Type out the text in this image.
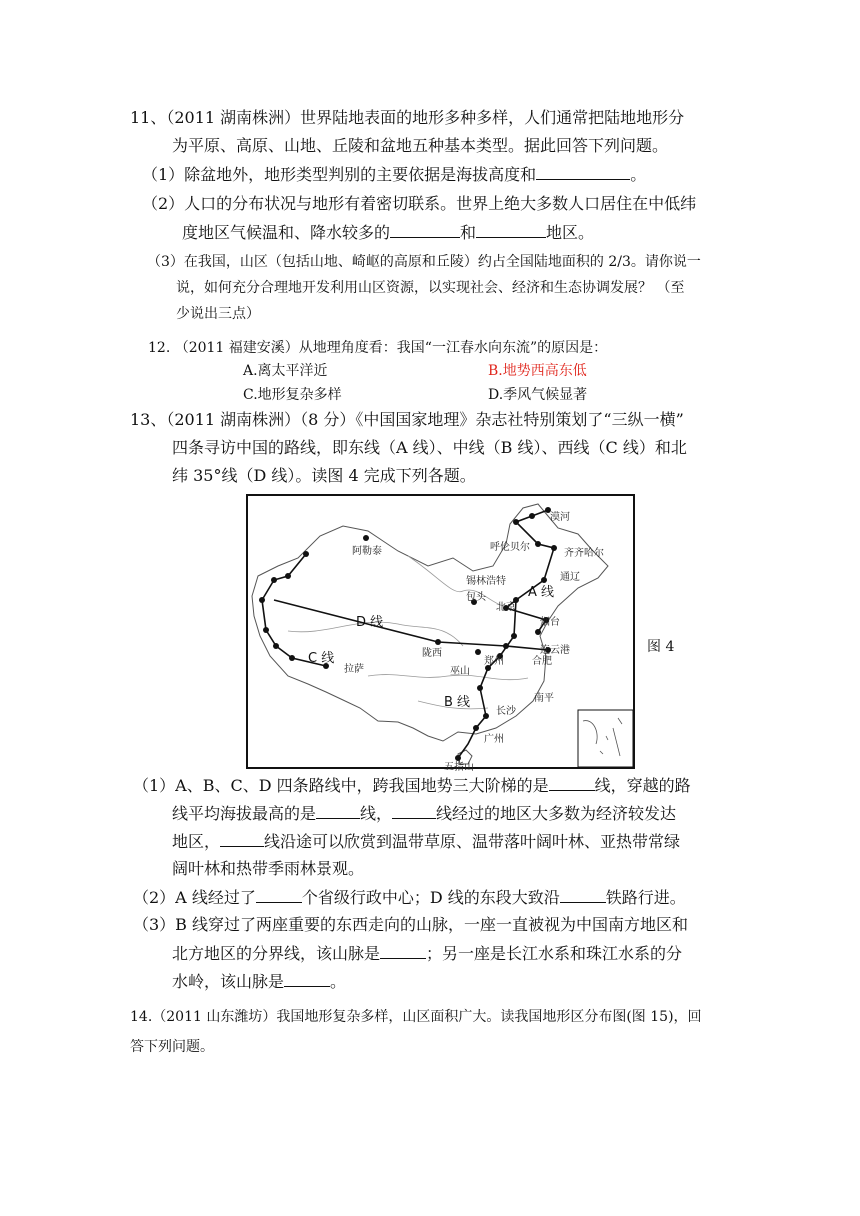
11、（2011 湖南株洲）世界陆地表面的地形多种多样，人们通常把陆地地形分
为平原、高原、山地、丘陵和盆地五种基本类型。据此回答下列问题。
（1）除盆地外，地形类型判别的主要依据是海拔高度和	。
（2）人口的分布状况与地形有着密切联系。世界上绝大多数人口居住在中低纬
度地区气候温和、降水较多的	和	地区。
（3）在我国，山区（包括山地、崎岖的高原和丘陵）约占全国陆地面积的 2/3。请你说一
说，如何充分合理地开发利用山区资源，以实现社会、经济和生态协调发展？ （至
少说出三点）
12. （2011 福建安溪）从地理角度看：我国“一江春水向东流”的原因是：
A.离太平洋近	B.地势西高东低
C.地形复杂多样	D.季风气候显著
13、（2011 湖南株洲）（8 分）《中国国家地理》杂志社特别策划了“三纵一横”
四条寻访中国的路线，即东线（A 线）、中线（B 线）、西线（C 线）和北
纬 35°线（D 线）。读图 4 完成下列各题。
漠河
呼伦贝尔
齐齐哈尔
通辽
锡林浩特
包头
北京
烟台
连云港
郑州	合肥
陇西
巫山
南平
长沙
广州
五指山
阿勒泰
拉萨
A 线
B 线
C 线
D 线
图 4
（1）A、B、C、D 四条路线中，跨我国地势三大阶梯的是	线，穿越的路
线平均海拔最高的是	线，	线经过的地区大多数为经济较发达
地区，	线沿途可以欣赏到温带草原、温带落叶阔叶林、亚热带常绿
阔叶林和热带季雨林景观。
（2）A 线经过了	个省级行政中心；D 线的东段大致沿	铁路行进。
（3）B 线穿过了两座重要的东西走向的山脉，一座一直被视为中国南方地区和
北方地区的分界线，该山脉是	；另一座是长江水系和珠江水系的分
水岭，该山脉是	。
14.（2011 山东潍坊）我国地形复杂多样，山区面积广大。读我国地形区分布图(图 15)，回
答下列问题。
